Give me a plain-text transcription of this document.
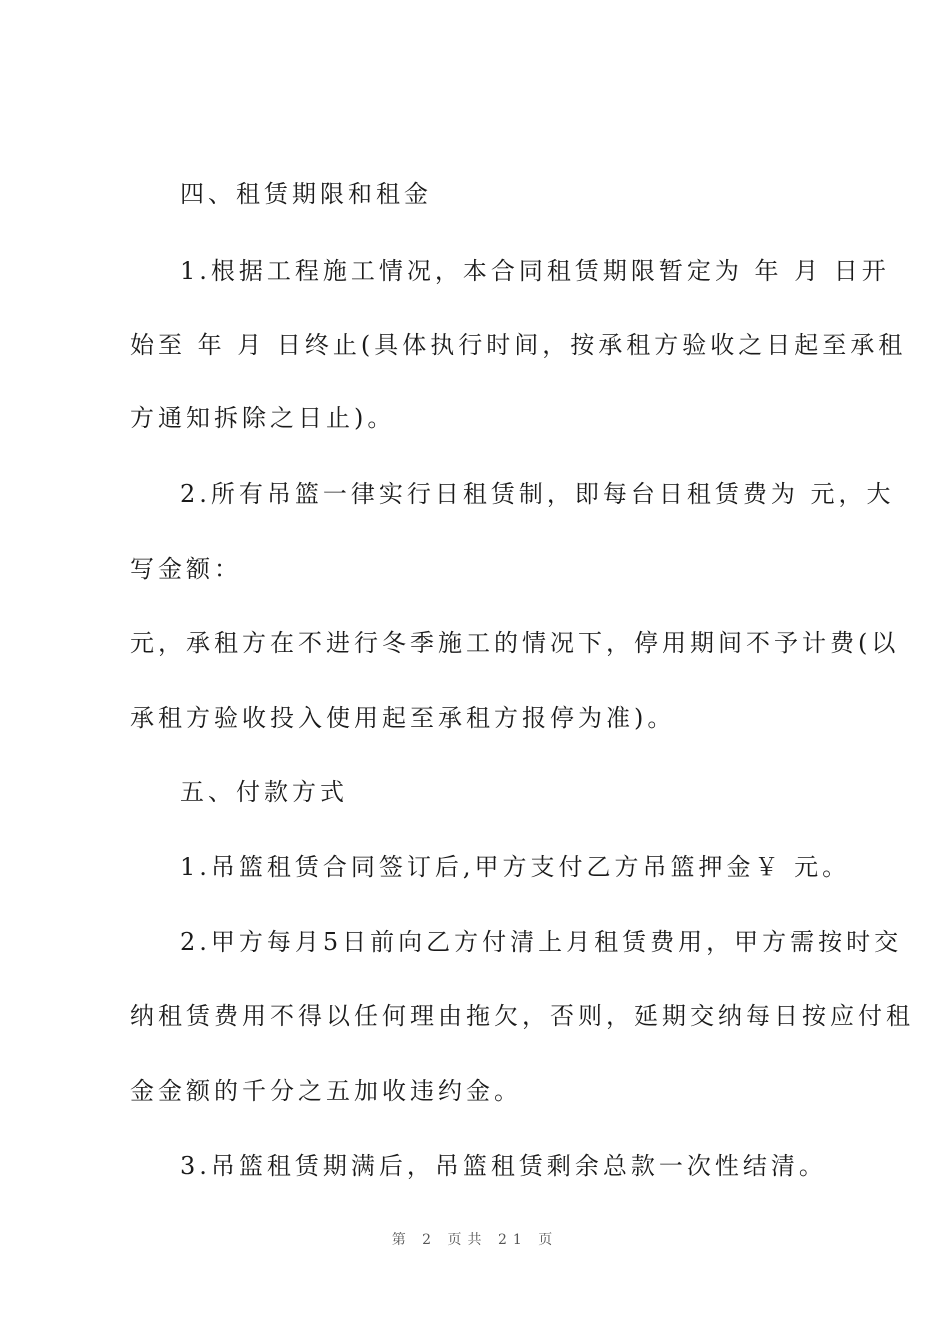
四、租赁期限和租金
1.根据工程施工情况，本合同租赁期限暂定为 年 月 日开
始至 年 月 日终止(具体执行时间，按承租方验收之日起至承租
方通知拆除之日止)。
2.所有吊篮一律实行日租赁制，即每台日租赁费为 元，大
写金额：
元，承租方在不进行冬季施工的情况下，停用期间不予计费(以
承租方验收投入使用起至承租方报停为准)。
五、付款方式
1.吊篮租赁合同签订后,甲方支付乙方吊篮押金￥ 元。
2.甲方每月5日前向乙方付清上月租赁费用，甲方需按时交
纳租赁费用不得以任何理由拖欠，否则，延期交纳每日按应付租
金金额的千分之五加收违约金。
3.吊篮租赁期满后，吊篮租赁剩余总款一次性结清。
第 2 页共 21 页
